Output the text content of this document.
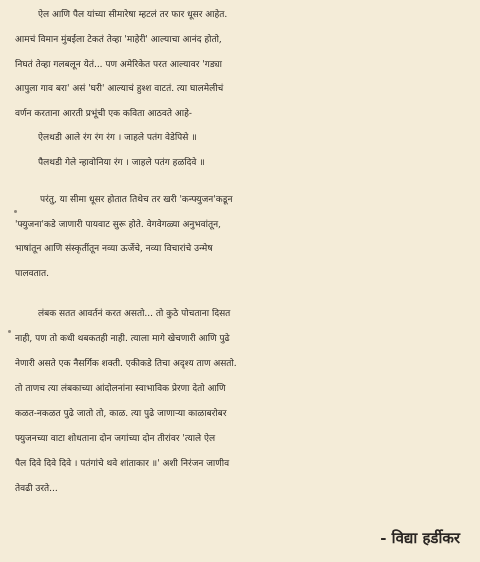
ऐल आणि पैल यांच्या सीमारेषा म्हटलं तर फार धूसर आहेत.
आमचं विमान मुंबईला टेकतं तेव्हा 'माहेरी' आल्याचा आनंद होतो,
निघतं तेव्हा गलबलून येतं... पण अमेरिकेत परत आल्यावर 'गड्या
आपुला गाव बरा' असं 'घरी' आल्याचं हुश्श वाटतं. त्या घालमेलीचं
वर्णन करताना आरती प्रभूंची एक कविता आठवते आहे-
ऐलथडी आले रंग रंग रंग । जाहले पतंग वेडेपिसे ॥
पैलथडी गेले न्हावोनिया रंग । जाहले पतंग हळदिवे ॥
परंतु, या सीमा धूसर होतात तिथेच तर खरी 'कन्फ्युजन'कडून
'फ्युजना'कडे जाणारी पायवाट सुरू होते. वेगवेगळ्या अनुभवांतून,
भाषांतून आणि संस्कृतींतून नव्या ऊर्जेचे, नव्या विचारांचे उन्मेष
पालवतात.
लंबक सतत आवर्तनं करत असतो... तो कुठे पोचताना दिसत
नाही, पण तो कधी थबकतही नाही. त्याला मागे खेचणारी आणि पुढे
नेणारी असते एक नैसर्गिक शक्ती. एकीकडे तिचा अदृश्य ताण असतो.
तो ताणच त्या लंबकाच्या आंदोलनांना स्वाभाविक प्रेरणा देतो आणि
कळत-नकळत पुढे जातो तो, काळ. त्या पुढे जाणाऱ्या काळाबरोबर
फ्युजनच्या वाटा शोधताना दोन जगांच्या दोन तीरांवर 'त्याले ऐल
पैल दिवे दिवे दिवे । पतंगांचे थवे शांताकार ॥' अशी निरंजन जाणीव
तेवढी उरते...
- विद्या हर्डीकर
